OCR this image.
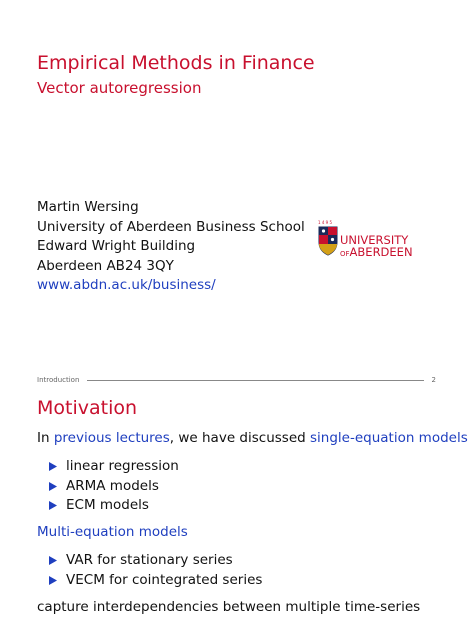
Empirical Methods in Finance
Vector autoregression
Martin Wersing
University of Aberdeen Business School
Edward Wright Building
Aberdeen AB24 3QY
www.abdn.ac.uk/business/
1 4 9 5
UNIVERSITY
OFABERDEEN
Introduction	2
Motivation
In previous lectures, we have discussed single-equation models
linear regression
ARMA models
ECM models
Multi-equation models
VAR for stationary series
VECM for cointegrated series
capture interdependencies between multiple time-series
